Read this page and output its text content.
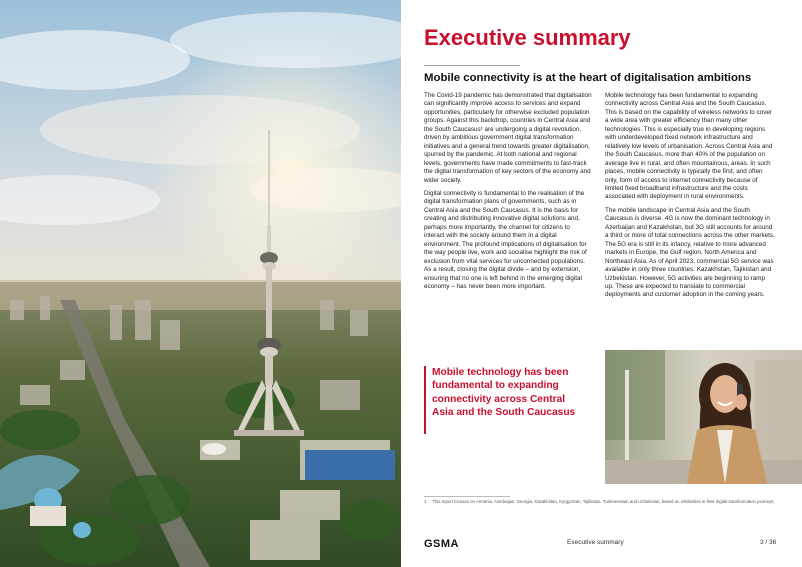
Executive summary
Mobile connectivity is at the heart of digitalisation ambitions

The Covid-19 pandemic has demonstrated that digitalisation can significantly improve access to services and expand opportunities, particularly for otherwise excluded population groups. Against this backdrop, countries in Central Asia and the South Caucasus¹ are undergoing a digital revolution, driven by ambitious government digital transformation initiatives and a general trend towards greater digitalisation, spurred by the pandemic. At both national and regional levels, governments have made commitments to fast-track the digital transformation of key sectors of the economy and wider society.

Digital connectivity is fundamental to the realisation of the digital transformation plans of governments, such as in Central Asia and the South Caucasus. It is the basis for creating and distributing innovative digital solutions and, perhaps more importantly, the channel for citizens to interact with the society around them in a digital environment. The profound implications of digitalisation for the way people live, work and socialise highlight the risk of exclusion from vital services for unconnected populations. As a result, closing the digital divide – and by extension, ensuring that no one is left behind in the emerging digital economy – has never been more important.

Mobile technology has been fundamental to expanding connectivity across Central Asia and the South Caucasus. This is based on the capability of wireless networks to cover a wide area with greater efficiency than many other technologies. This is especially true in developing regions with underdeveloped fixed network infrastructure and relatively low levels of urbanisation. Across Central Asia and the South Caucasus, more than 40% of the population on average live in rural, and often mountainous, areas. In such places, mobile connectivity is typically the first, and often only, form of access to internet connectivity because of limited fixed broadband infrastructure and the costs associated with deployment in rural environments.

The mobile landscape in Central Asia and the South Caucasus is diverse. 4G is now the dominant technology in Azerbaijan and Kazakhstan, but 3G still accounts for around a third or more of total connections across the other markets. The 5G era is still in its infancy, relative to more advanced markets in Europe, the Gulf region, North America and Northeast Asia. As of April 2023, commercial 5G service was available in only three countries: Kazakhstan, Tajikistan and Uzbekistan. However, 5G activities are beginning to ramp up. These are expected to translate to commercial deployments and customer adoption in the coming years.

Mobile technology has been fundamental to expanding connectivity across Central Asia and the South Caucasus
1 This report focuses on Armenia, Azerbaijan, Georgia, Kazakhstan, Kyrgyzstan, Tajikistan, Turkmenistan and Uzbekistan, based on similarities in their digital transformation journeys.
GSMA	Executive summary	3 / 36
